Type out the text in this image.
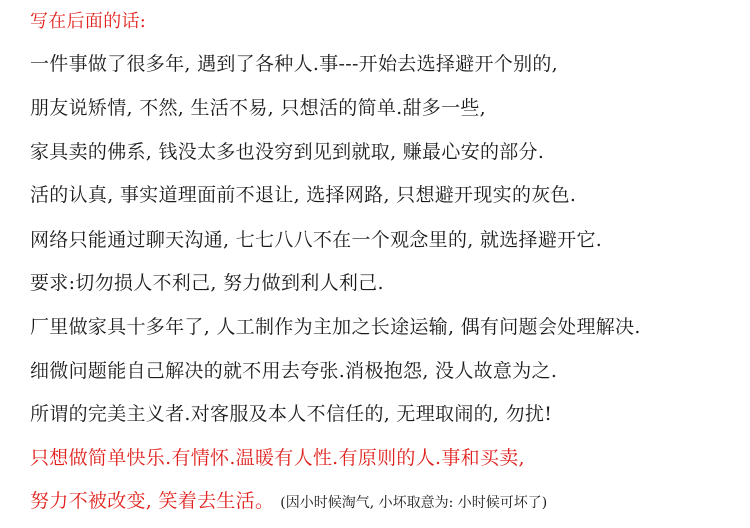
写在后面的话:
一件事做了很多年, 遇到了各种人.事---开始去选择避开个别的,
朋友说矫情, 不然, 生活不易, 只想活的简单.甜多一些,
家具卖的佛系, 钱没太多也没穷到见到就取, 赚最心安的部分.
活的认真, 事实道理面前不退让, 选择网路, 只想避开现实的灰色.
网络只能通过聊天沟通, 七七八八不在一个观念里的, 就选择避开它.
要求:切勿损人不利己, 努力做到利人利己.
厂里做家具十多年了, 人工制作为主加之长途运输, 偶有问题会处理解决.
细微问题能自己解决的就不用去夸张.消极抱怨, 没人故意为之.
所谓的完美主义者.对客服及本人不信任的, 无理取闹的, 勿扰!
只想做简单快乐.有情怀.温暖有人性.有原则的人.事和买卖,
努力不被改变, 笑着去生活。 (因小时候淘气, 小坏取意为: 小时候可坏了)
